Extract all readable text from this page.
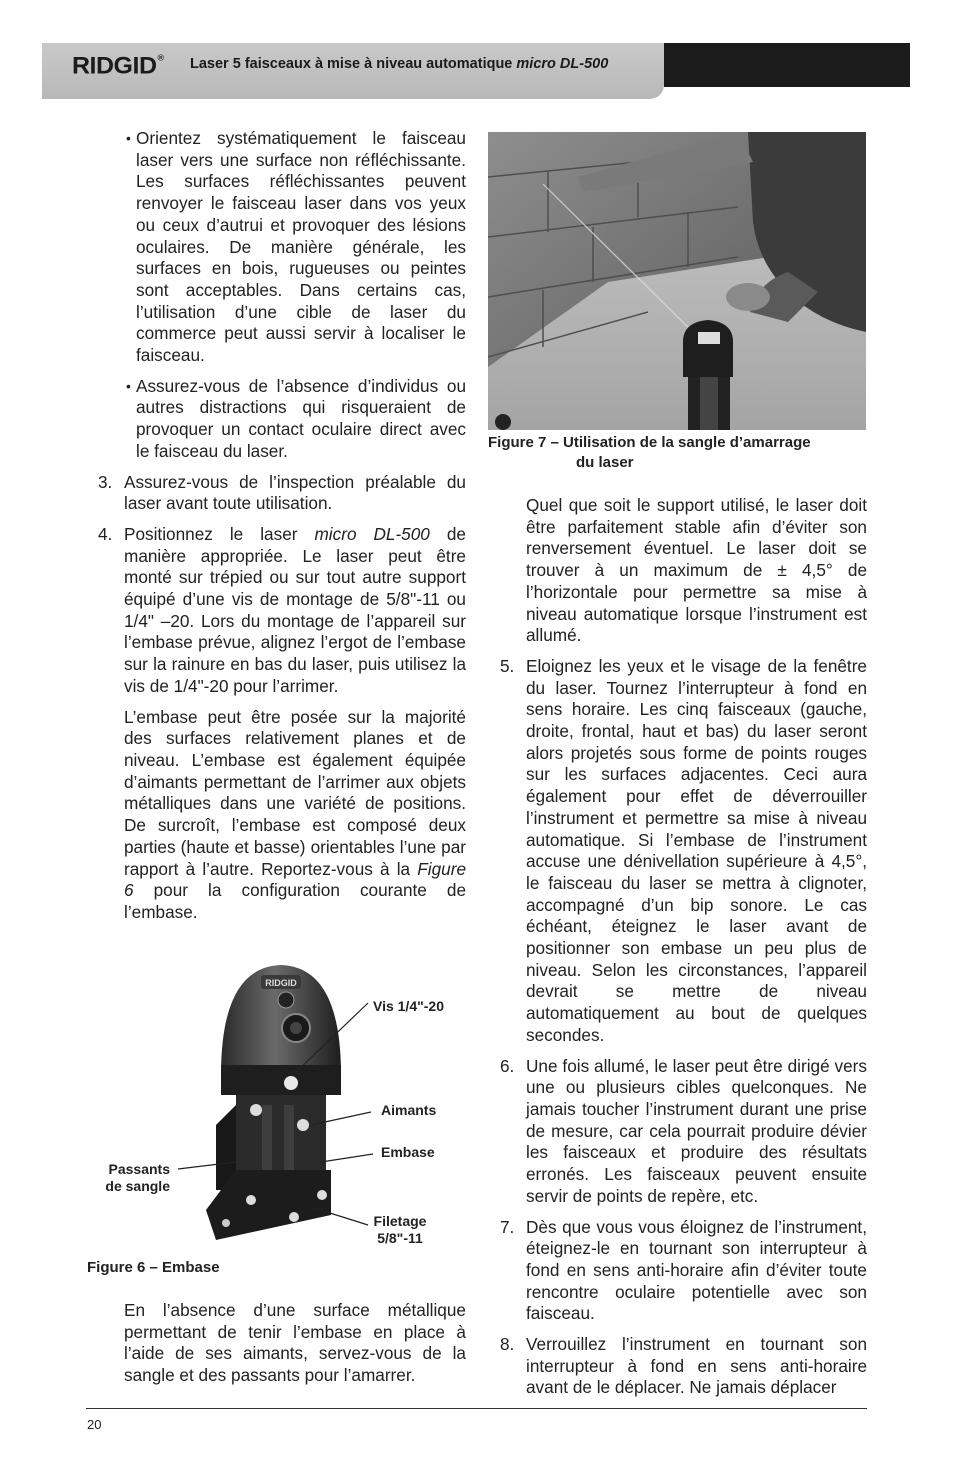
RIDGID® Laser 5 faisceaux à mise à niveau automatique micro DL-500

• Orientez systématiquement le faisceau laser vers une surface non réfléchissante. Les surfaces réfléchissantes peuvent renvoyer le faisceau laser dans vos yeux ou ceux d’autrui et provoquer des lésions oculaires. De manière générale, les surfaces en bois, rugueuses ou peintes sont acceptables. Dans certains cas, l’utilisation d’une cible de laser du commerce peut aussi servir à localiser le faisceau.

• Assurez-vous de l’absence d’individus ou autres distractions qui risqueraient de provoquer un contact oculaire direct avec le faisceau du laser.

3. Assurez-vous de l’inspection préalable du laser avant toute utilisation.

4. Positionnez le laser micro DL-500 de manière appropriée. Le laser peut être monté sur trépied ou sur tout autre support équipé d’une vis de montage de 5/8"-11 ou 1/4" –20. Lors du montage de l’appareil sur l’embase prévue, alignez l’ergot de l’embase sur la rainure en bas du laser, puis utilisez la vis de 1/4"-20 pour l’arrimer.

L’embase peut être posée sur la majorité des surfaces relativement planes et de niveau. L’embase est également équipée d’aimants permettant de l’arrimer aux objets métalliques dans une variété de positions. De surcroît, l’embase est composé deux parties (haute et basse) orientables l’une par rapport à l’autre. Reportez-vous à la Figure 6 pour la configuration courante de l’embase.

RIDGID
Vis 1/4"-20
Aimants
Embase
Passants
de sangle
Filetage
5/8"-11
Figure 6 – Embase

En l’absence d’une surface métallique permettant de tenir l’embase en place à l’aide de ses aimants, servez-vous de la sangle et des passants pour l’amarrer.

Figure 7 – Utilisation de la sangle d’amarrage
du laser

Quel que soit le support utilisé, le laser doit être parfaitement stable afin d’éviter son renversement éventuel. Le laser doit se trouver à un maximum de ± 4,5° de l’horizontale pour permettre sa mise à niveau automatique lorsque l’instrument est allumé.

5. Eloignez les yeux et le visage de la fenêtre du laser. Tournez l’interrupteur à fond en sens horaire. Les cinq faisceaux (gauche, droite, frontal, haut et bas) du laser seront alors projetés sous forme de points rouges sur les surfaces adjacentes. Ceci aura également pour effet de déverrouiller l’instrument et permettre sa mise à niveau automatique. Si l’embase de l’instrument accuse une dénivellation supérieure à 4,5°, le faisceau du laser se mettra à clignoter, accompagné d’un bip sonore. Le cas échéant, éteignez le laser avant de positionner son embase un peu plus de niveau. Selon les circonstances, l’appareil devrait se mettre de niveau automatiquement au bout de quelques secondes.

6. Une fois allumé, le laser peut être dirigé vers une ou plusieurs cibles quelconques. Ne jamais toucher l’instrument durant une prise de mesure, car cela pourrait produire dévier les faisceaux et produire des résultats erronés. Les faisceaux peuvent ensuite servir de points de repère, etc.

7. Dès que vous vous éloignez de l’instrument, éteignez-le en tournant son interrupteur à fond en sens anti-horaire afin d’éviter toute rencontre oculaire potentielle avec son faisceau.

8. Verrouillez l’instrument en tournant son interrupteur à fond en sens anti-horaire avant de le déplacer. Ne jamais déplacer

20
